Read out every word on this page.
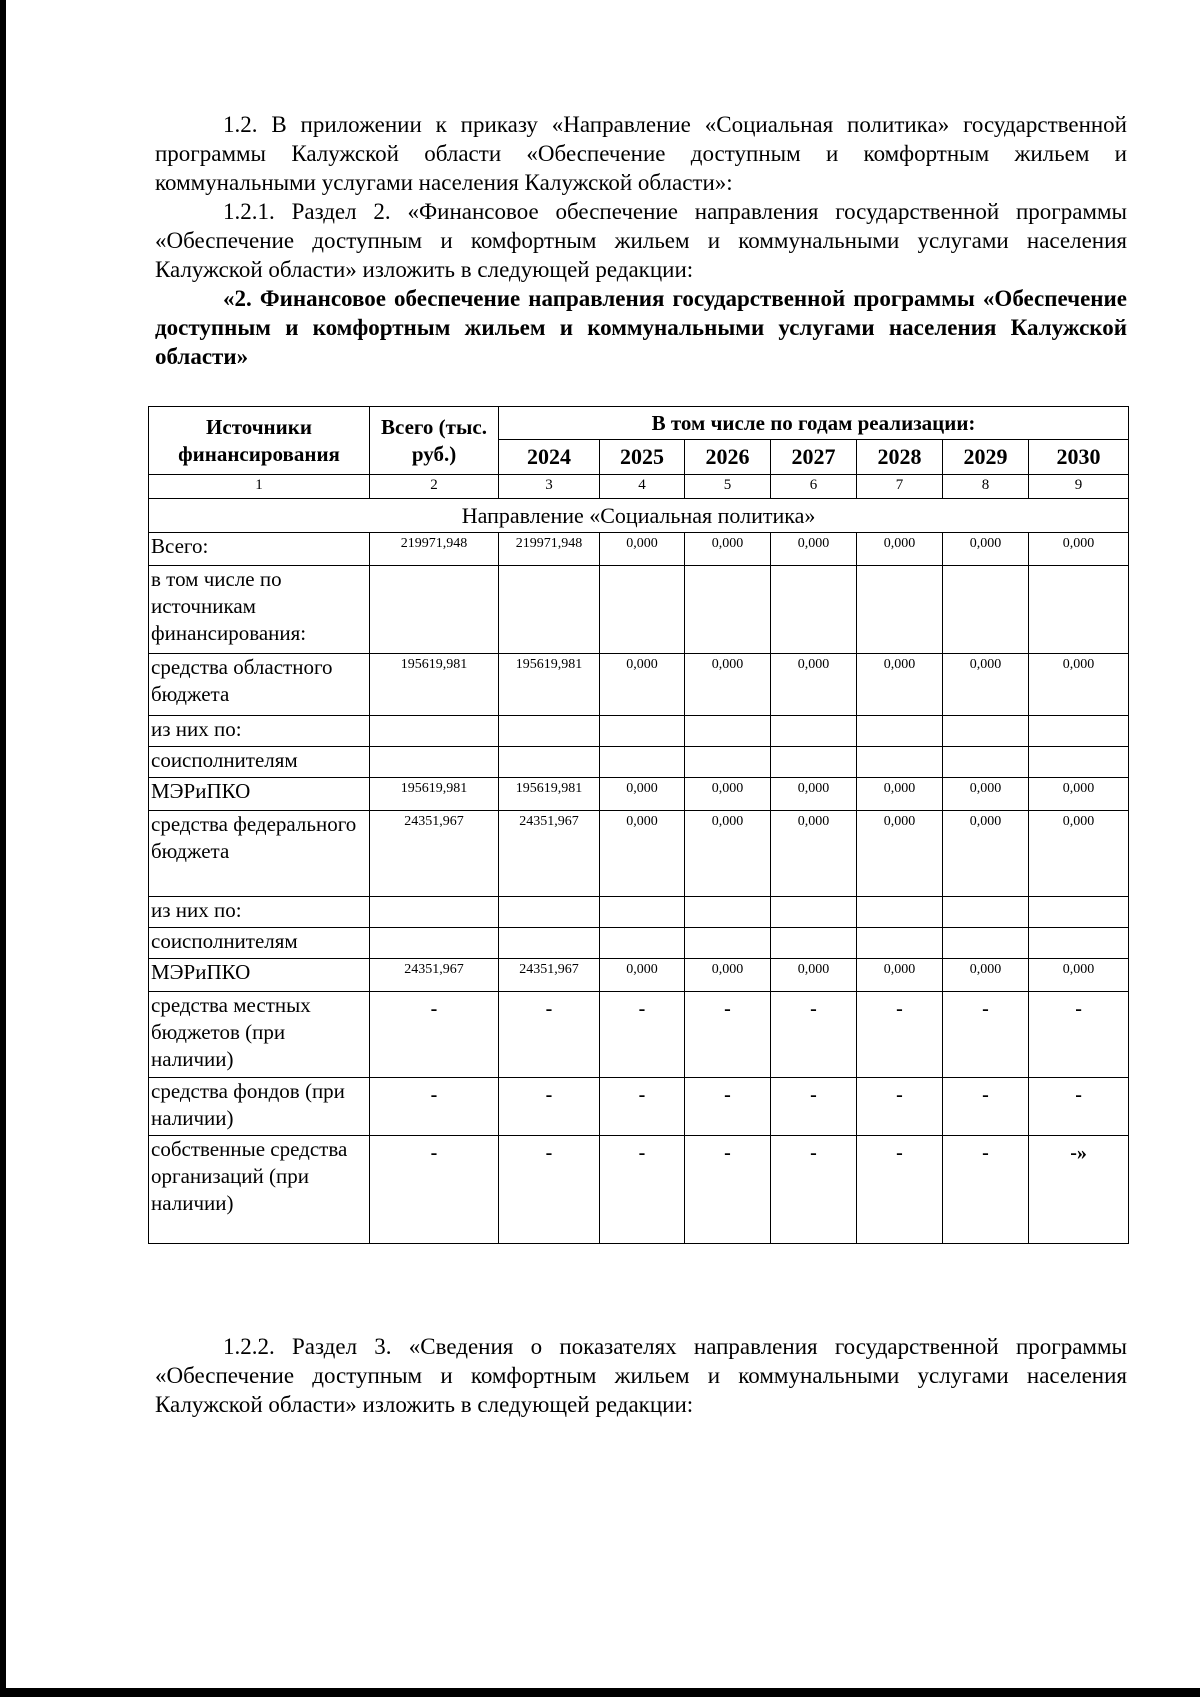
1.2. В приложении к приказу «Направление «Социальная политика» государственной программы Калужской области «Обеспечение доступным и комфортным жильем и коммунальными услугами населения Калужской области»:

1.2.1. Раздел 2. «Финансовое обеспечение направления государственной программы «Обеспечение доступным и комфортным жильем и коммунальными услугами населения Калужской области» изложить в следующей редакции:

«2. Финансовое обеспечение направления государственной программы «Обеспечение доступным и комфортным жильем и коммунальными услугами населения Калужской области»

Источники финансирования	Всего (тыс. руб.)	В том числе по годам реализации:						
		2024	2025	2026	2027	2028	2029	2030
1	2	3	4	5	6	7	8	9
Направление «Социальная политика»								
Всего:	219971,948	219971,948	0,000	0,000	0,000	0,000	0,000	0,000
в том числе по источникам финансирования:								
средства областного бюджета	195619,981	195619,981	0,000	0,000	0,000	0,000	0,000	0,000
из них по:								
соисполнителям								
МЭРиПКО	195619,981	195619,981	0,000	0,000	0,000	0,000	0,000	0,000
средства федерального бюджета	24351,967	24351,967	0,000	0,000	0,000	0,000	0,000	0,000
из них по:								
соисполнителям								
МЭРиПКО	24351,967	24351,967	0,000	0,000	0,000	0,000	0,000	0,000
средства местных бюджетов (при наличии)	-	-	-	-	-	-	-	-
средства фондов (при наличии)	-	-	-	-	-	-	-	-
собственные средства организаций (при наличии)	-	-	-	-	-	-	-	-»

1.2.2. Раздел 3. «Сведения о показателях направления государственной программы «Обеспечение доступным и комфортным жильем и коммунальными услугами населения Калужской области» изложить в следующей редакции:
